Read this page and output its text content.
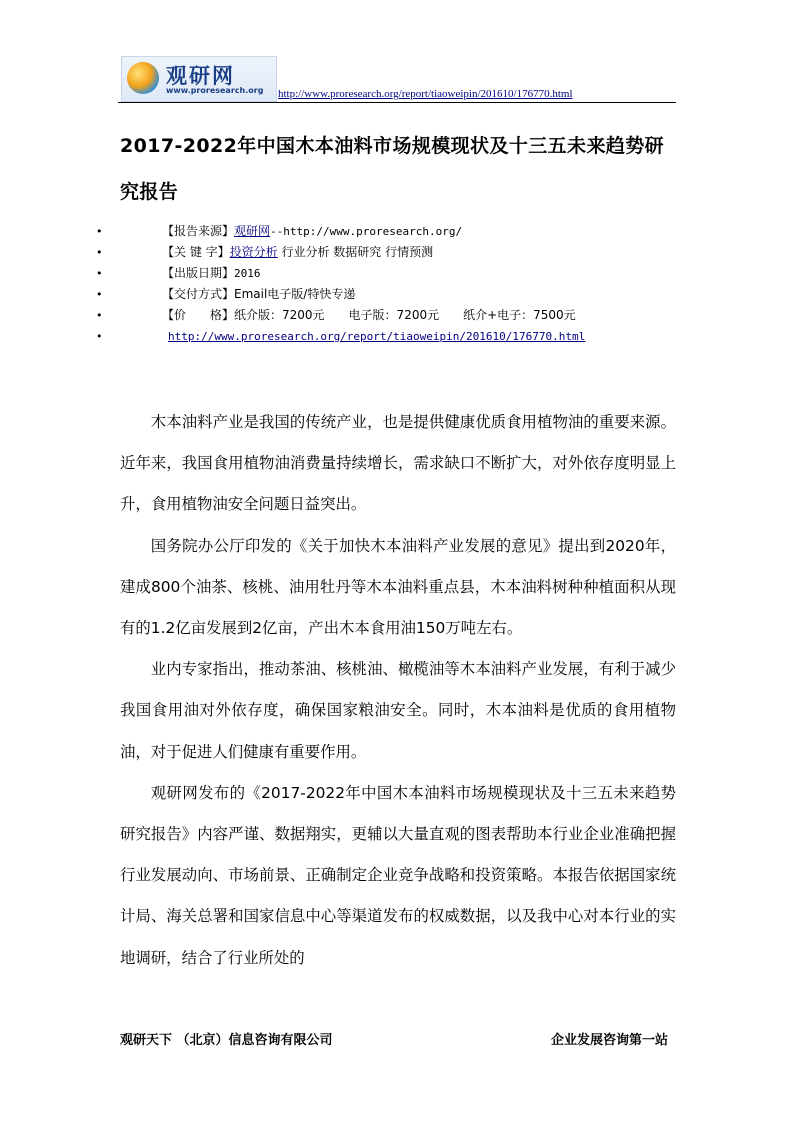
观研网
www.proresearch.org http://www.proresearch.org/report/tiaoweipin/201610/176770.html
2017-2022年中国木本油料市场规模现状及十三五未来趋势研究报告
•	【报告来源】观研网--http://www.proresearch.org/
•	【关 键 字】投资分析 行业分析 数据研究 行情预测
•	【出版日期】2016
•	【交付方式】Email电子版/特快专递
•	【价　　格】纸介版：7200元　　电子版：7200元　　纸介+电子：7500元
•	http://www.proresearch.org/report/tiaoweipin/201610/176770.html

木本油料产业是我国的传统产业，也是提供健康优质食用植物油的重要来源。近年来，我国食用植物油消费量持续增长，需求缺口不断扩大，对外依存度明显上升，食用植物油安全问题日益突出。

国务院办公厅印发的《关于加快木本油料产业发展的意见》提出到2020年，建成800个油茶、核桃、油用牡丹等木本油料重点县，木本油料树种种植面积从现有的1.2亿亩发展到2亿亩，产出木本食用油150万吨左右。

业内专家指出，推动茶油、核桃油、橄榄油等木本油料产业发展，有利于减少我国食用油对外依存度，确保国家粮油安全。同时，木本油料是优质的食用植物油，对于促进人们健康有重要作用。

观研网发布的《2017-2022年中国木本油料市场规模现状及十三五未来趋势研究报告》内容严谨、数据翔实，更辅以大量直观的图表帮助本行业企业准确把握行业发展动向、市场前景、正确制定企业竞争战略和投资策略。本报告依据国家统计局、海关总署和国家信息中心等渠道发布的权威数据，以及我中心对本行业的实地调研，结合了行业所处的

观研天下 （北京）信息咨询有限公司	企业发展咨询第一站
